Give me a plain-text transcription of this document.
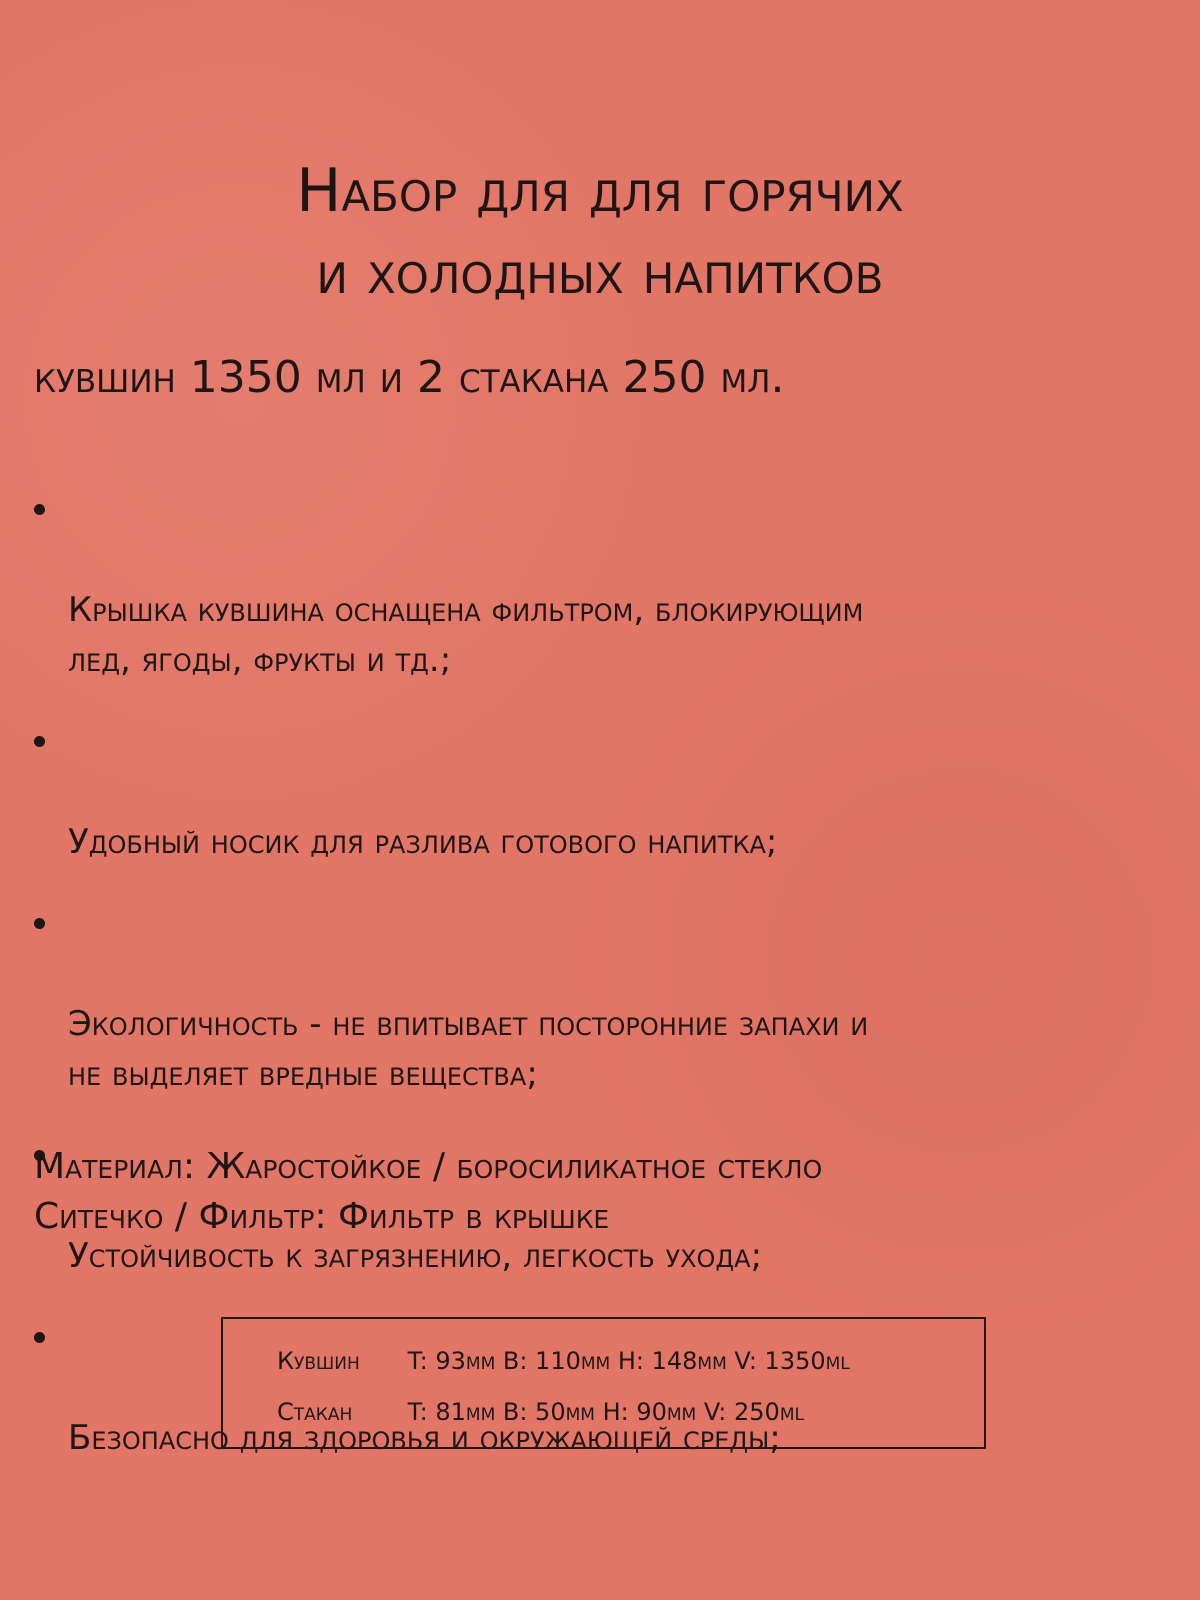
Набор для для горячих
и холодных напитков
кувшин 1350 мл и 2 стакана 250 мл.

Крышка кувшина оснащена фильтром, блокирующим
лед, ягоды, фрукты и тд.;

Удобный носик для разлива готового напитка;

Экологичность - не впитывает посторонние запахи и
не выделяет вредные вещества;

Устойчивость к загрязнению, легкость ухода;

Безопасно для здоровья и окружающей среды;

Материал: Жаростойкое / боросиликатное стекло
Ситечко / Фильтр: Фильтр в крышке
Кувшин T: 93мм B: 110мм H: 148мм V: 1350ml
Стакан T: 81мм B: 50мм H: 90мм V: 250ml
